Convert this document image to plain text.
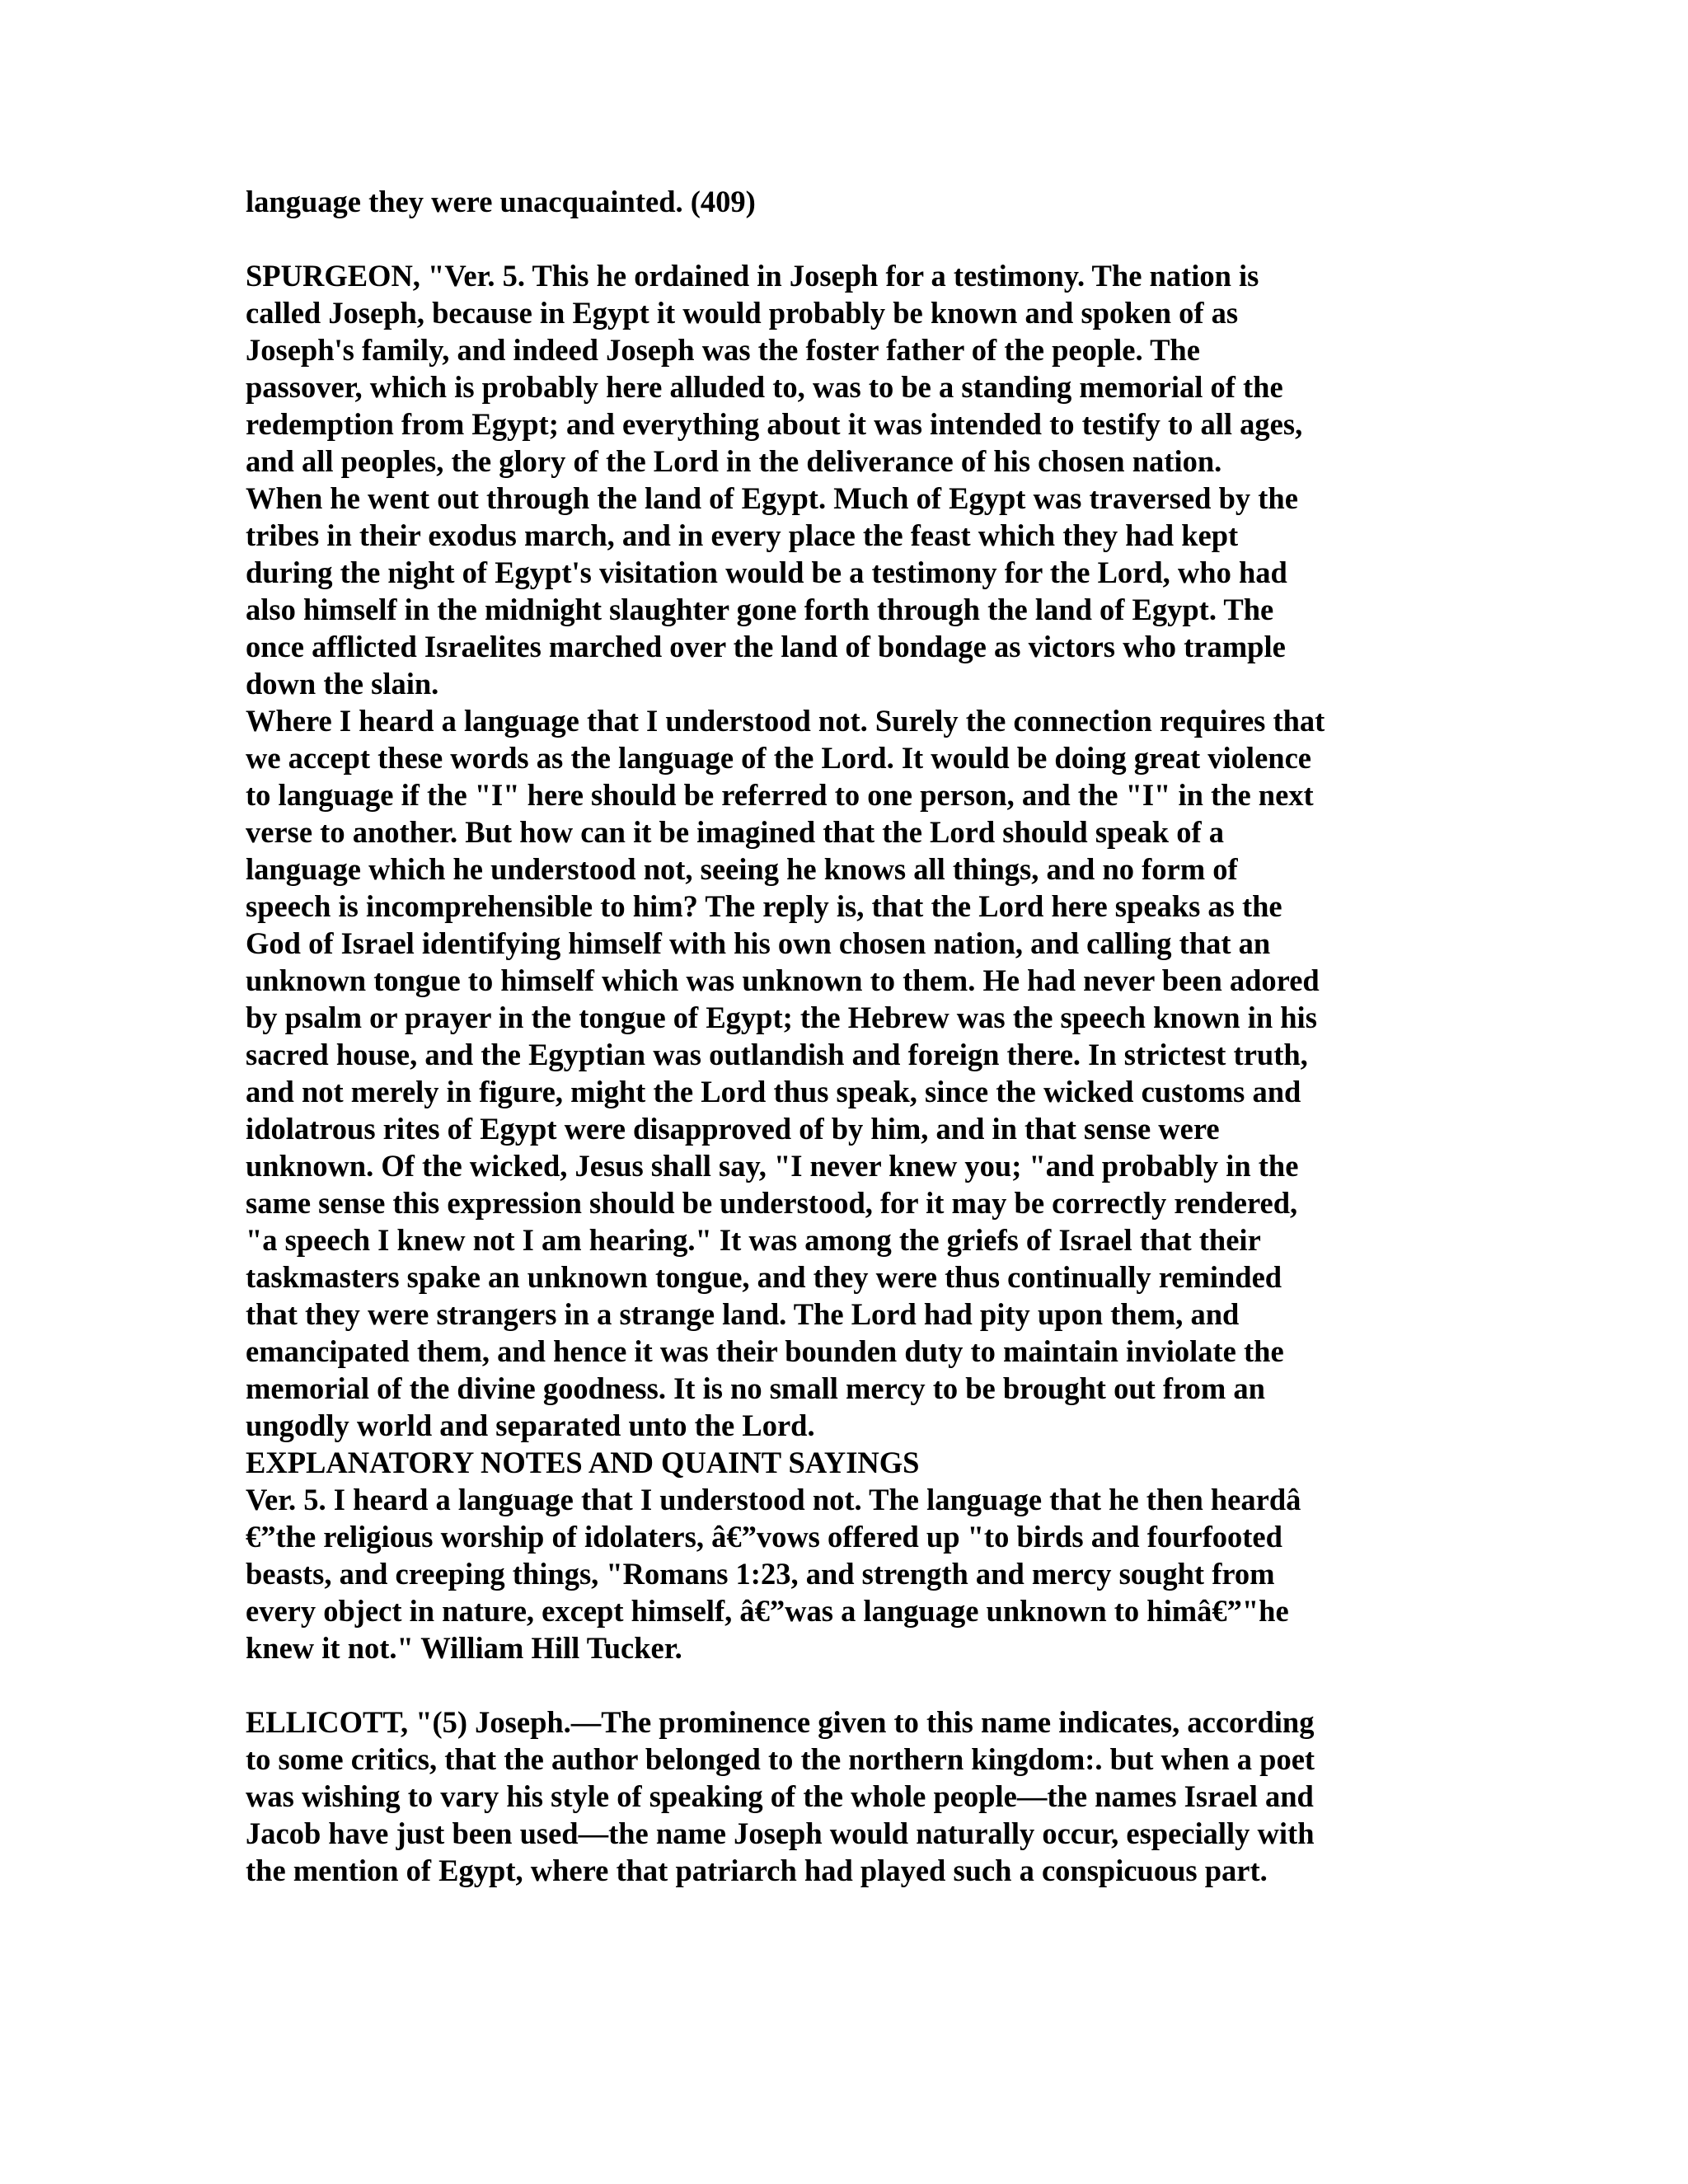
language they were unacquainted. (409)
SPURGEON, "Ver. 5. This he ordained in Joseph for a testimony. The nation is
called Joseph, because in Egypt it would probably be known and spoken of as
Joseph's family, and indeed Joseph was the foster father of the people. The
passover, which is probably here alluded to, was to be a standing memorial of the
redemption from Egypt; and everything about it was intended to testify to all ages,
and all peoples, the glory of the Lord in the deliverance of his chosen nation.
When he went out through the land of Egypt. Much of Egypt was traversed by the
tribes in their exodus march, and in every place the feast which they had kept
during the night of Egypt's visitation would be a testimony for the Lord, who had
also himself in the midnight slaughter gone forth through the land of Egypt. The
once afflicted Israelites marched over the land of bondage as victors who trample
down the slain.
Where I heard a language that I understood not. Surely the connection requires that
we accept these words as the language of the Lord. It would be doing great violence
to language if the "I" here should be referred to one person, and the "I" in the next
verse to another. But how can it be imagined that the Lord should speak of a
language which he understood not, seeing he knows all things, and no form of
speech is incomprehensible to him? The reply is, that the Lord here speaks as the
God of Israel identifying himself with his own chosen nation, and calling that an
unknown tongue to himself which was unknown to them. He had never been adored
by psalm or prayer in the tongue of Egypt; the Hebrew was the speech known in his
sacred house, and the Egyptian was outlandish and foreign there. In strictest truth,
and not merely in figure, might the Lord thus speak, since the wicked customs and
idolatrous rites of Egypt were disapproved of by him, and in that sense were
unknown. Of the wicked, Jesus shall say, "I never knew you; "and probably in the
same sense this expression should be understood, for it may be correctly rendered,
"a speech I knew not I am hearing." It was among the griefs of Israel that their
taskmasters spake an unknown tongue, and they were thus continually reminded
that they were strangers in a strange land. The Lord had pity upon them, and
emancipated them, and hence it was their bounden duty to maintain inviolate the
memorial of the divine goodness. It is no small mercy to be brought out from an
ungodly world and separated unto the Lord.
EXPLANATORY NOTES AND QUAINT SAYINGS
Ver. 5. I heard a language that I understood not. The language that he then heardâ
€”the religious worship of idolaters, â€”vows offered up "to birds and fourfooted
beasts, and creeping things, "Romans 1:23, and strength and mercy sought from
every object in nature, except himself, â€”was a language unknown to himâ€”"he
knew it not." William Hill Tucker.
ELLICOTT, "(5) Joseph.—The prominence given to this name indicates, according
to some critics, that the author belonged to the northern kingdom:. but when a poet
was wishing to vary his style of speaking of the whole people—the names Israel and
Jacob have just been used—the name Joseph would naturally occur, especially with
the mention of Egypt, where that patriarch had played such a conspicuous part.
